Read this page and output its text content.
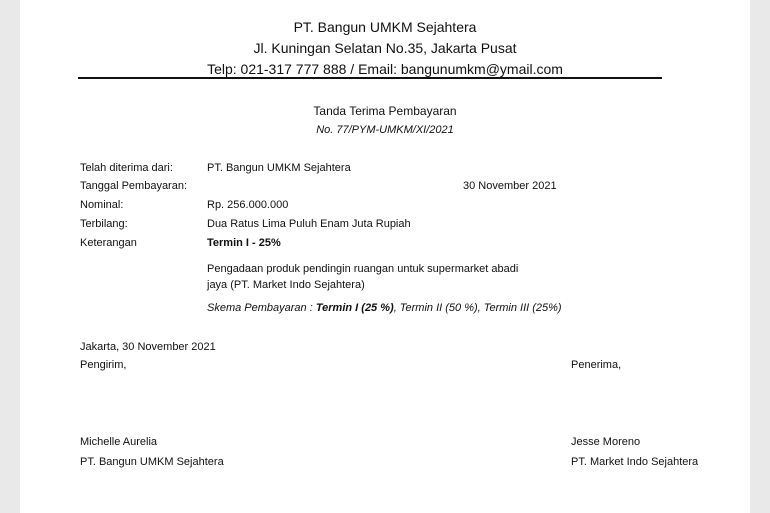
PT. Bangun UMKM Sejahtera
Jl. Kuningan Selatan No.35, Jakarta Pusat
Telp: 021-317 777 888 / Email: bangunumkm@ymail.com
Tanda Terima Pembayaran
No. 77/PYM-UMKM/XI/2021
Telah diterima dari:	PT. Bangun UMKM Sejahtera
Tanggal Pembayaran:	30 November 2021
Nominal:	Rp. 256.000.000
Terbilang:	Dua Ratus Lima Puluh Enam Juta Rupiah
Keterangan	Termin I - 25%
Pengadaan produk pendingin ruangan untuk supermarket abadi
jaya (PT. Market Indo Sejahtera)
Skema Pembayaran : Termin I (25 %), Termin II (50 %), Termin III (25%)
Jakarta, 30 November 2021
Pengirim,	Penerima,
Michelle Aurelia	Jesse Moreno
PT. Bangun UMKM Sejahtera	PT. Market Indo Sejahtera
